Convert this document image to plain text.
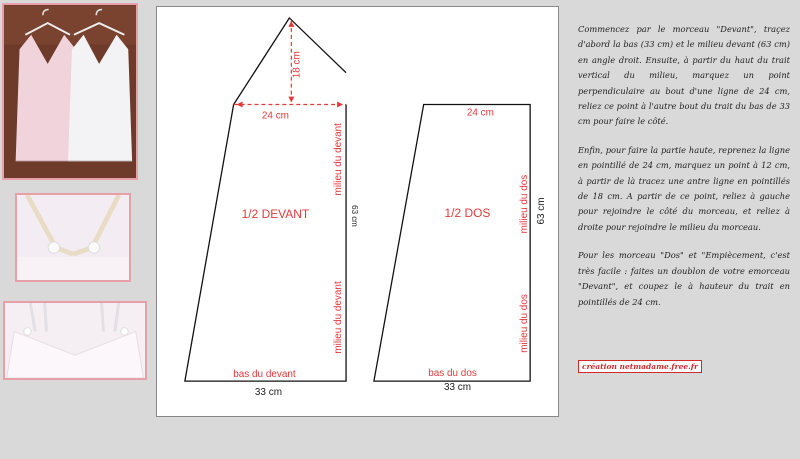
24 cm
18 cm
milieu du devant
milieu du devant
63 cm
1/2 DEVANT
bas du devant
33 cm
24 cm
milieu du dos
milieu du dos
63 cm
1/2 DOS
bas du dos
33 cm

Commencez par le morceau "Devant", traçez d'abord la bas (33 cm) et le milieu devant (63 cm) en angle droit. Ensuite, à partir du haut du trait vertical du milieu, marquez un point perpendiculaire au bout d'une ligne de 24 cm, reliez ce point à l'autre bout du trait du bas de 33 cm pour faire le côté.

Enfin, pour faire la partie haute, reprenez la ligne en pointillé de 24 cm, marquez un point à 12 cm, à partir de là tracez une antre ligne en pointillés de 18 cm. A partir de ce point, reliez à gauche pour rejoindre le côté du morceau, et reliez à droite pour rejoindre le milieu du morceau.

Pour les morceau "Dos" et "Empiècement, c'est très facile : faites un doublon de votre emorceau "Devant", et coupez le à hauteur du trait en pointillés de 24 cm.

création netmadame.free.fr
